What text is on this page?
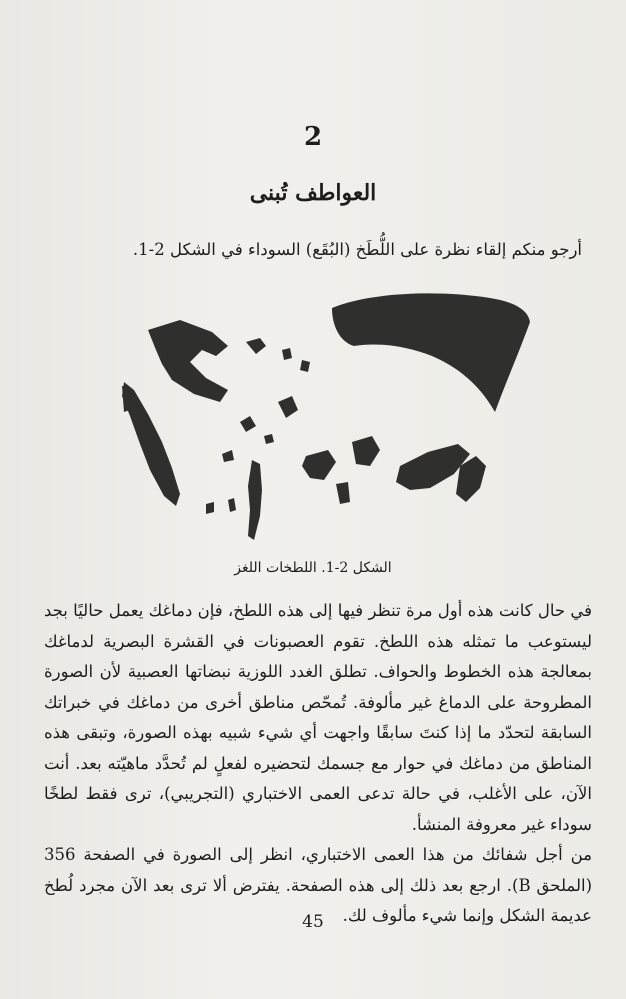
2
العواطف تُبنى
أرجو منكم إلقاء نظرة على اللُّطَخ (البُقَع) السوداء في الشكل 2-1.
الشكل 2-1. اللطخات اللغز

في حال كانت هذه أول مرة تنظر فيها إلى هذه اللطخ، فإن دماغك يعمل حاليًا بجد ليستوعب ما تمثله هذه اللطخ. تقوم العصبونات في القشرة البصرية لدماغك بمعالجة هذه الخطوط والحواف. تطلق الغدد اللوزية نبضاتها العصبية لأن الصورة المطروحة على الدماغ غير مألوفة. تُمحّص مناطق أخرى من دماغك في خبراتك السابقة لتحدّد ما إذا كنتَ سابقًا واجهت أي شيء شبيه بهذه الصورة، وتبقى هذه المناطق من دماغك في حوار مع جسمك لتحضيره لفعلٍ لم تُحدَّد ماهيّته بعد. أنت الآن، على الأغلب، في حالة تدعى العمى الاختباري (التجريبي)، ترى فقط لطخًا سوداء غير معروفة المنشأ.

من أجل شفائك من هذا العمى الاختباري، انظر إلى الصورة في الصفحة 356 (الملحق B). ارجع بعد ذلك إلى هذه الصفحة. يفترض ألا ترى بعد الآن مجرد لُطخ عديمة الشكل وإنما شيء مألوف لك.

45
